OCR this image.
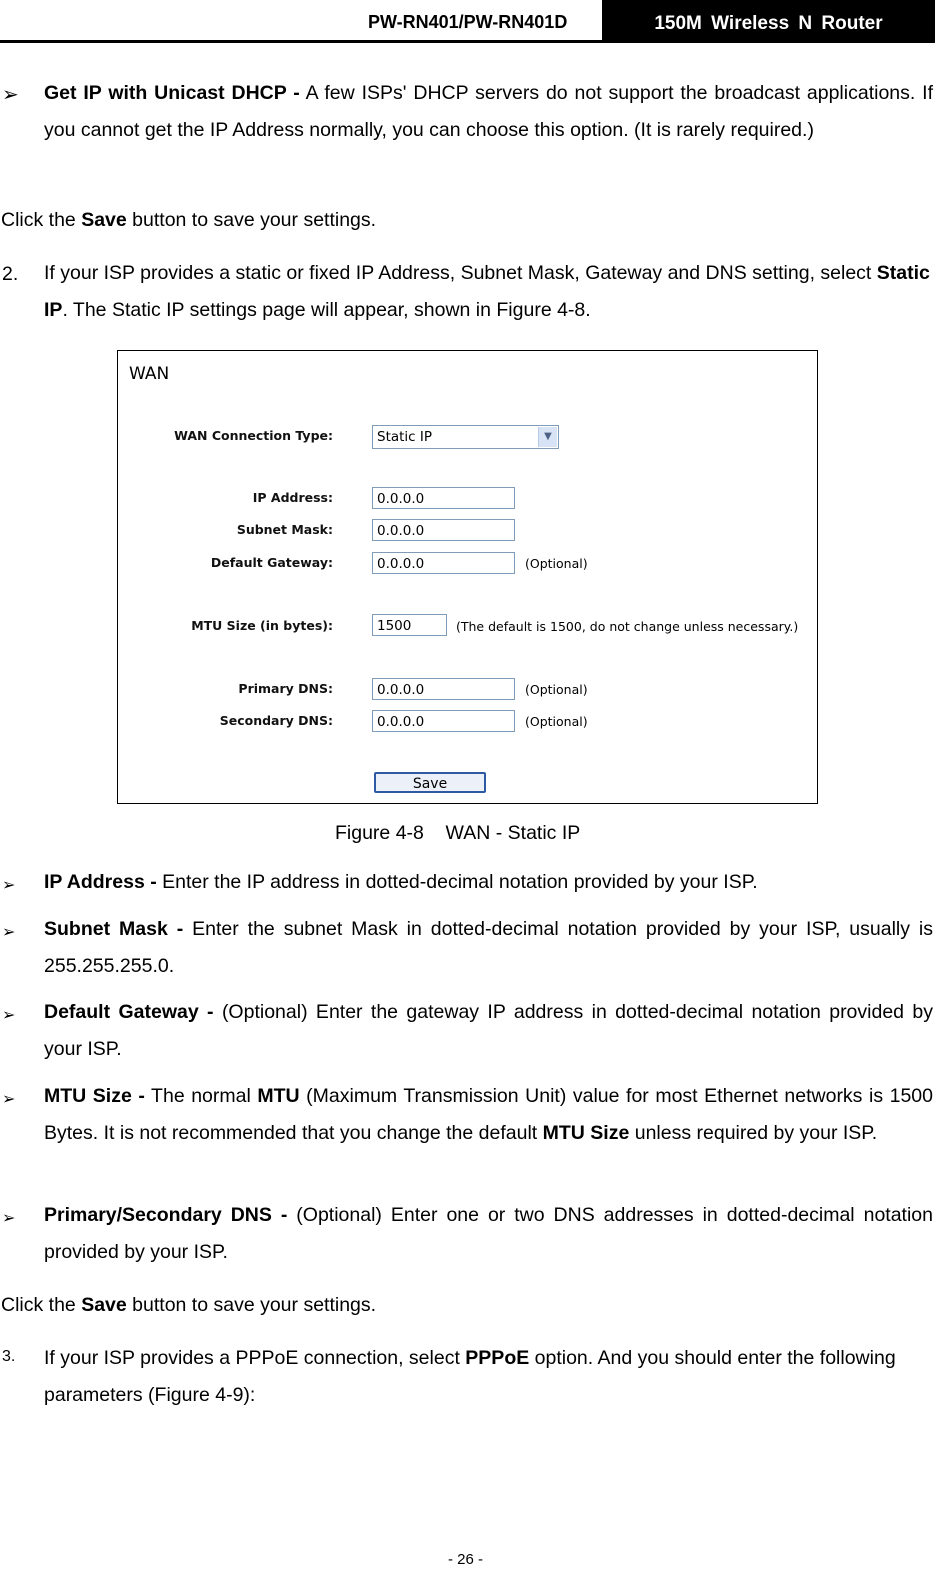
PW-RN401/PW-RN401D	150M Wireless N Router
➢ Get IP with Unicast DHCP - A few ISPs' DHCP servers do not support the broadcast applications. If you cannot get the IP Address normally, you can choose this option. (It is rarely required.)
Click the Save button to save your settings.
2. If your ISP provides a static or fixed IP Address, Subnet Mask, Gateway and DNS setting, select Static IP. The Static IP settings page will appear, shown in Figure 4-8.
WAN
WAN Connection Type:	Static IP	▼
IP Address:	0.0.0.0
Subnet Mask:	0.0.0.0
Default Gateway:	0.0.0.0	(Optional)
MTU Size (in bytes):	1500	(The default is 1500, do not change unless necessary.)
Primary DNS:	0.0.0.0	(Optional)
Secondary DNS:	0.0.0.0	(Optional)
Save
Figure 4-8    WAN - Static IP
➢ IP Address - Enter the IP address in dotted-decimal notation provided by your ISP.
➢ Subnet Mask - Enter the subnet Mask in dotted-decimal notation provided by your ISP, usually is 255.255.255.0.
➢ Default Gateway - (Optional) Enter the gateway IP address in dotted-decimal notation provided by your ISP.
➢ MTU Size - The normal MTU (Maximum Transmission Unit) value for most Ethernet networks is 1500 Bytes. It is not recommended that you change the default MTU Size unless required by your ISP.
➢ Primary/Secondary DNS - (Optional) Enter one or two DNS addresses in dotted-decimal notation provided by your ISP.
Click the Save button to save your settings.
3. If your ISP provides a PPPoE connection, select PPPoE option. And you should enter the following parameters (Figure 4-9):
- 26 -
